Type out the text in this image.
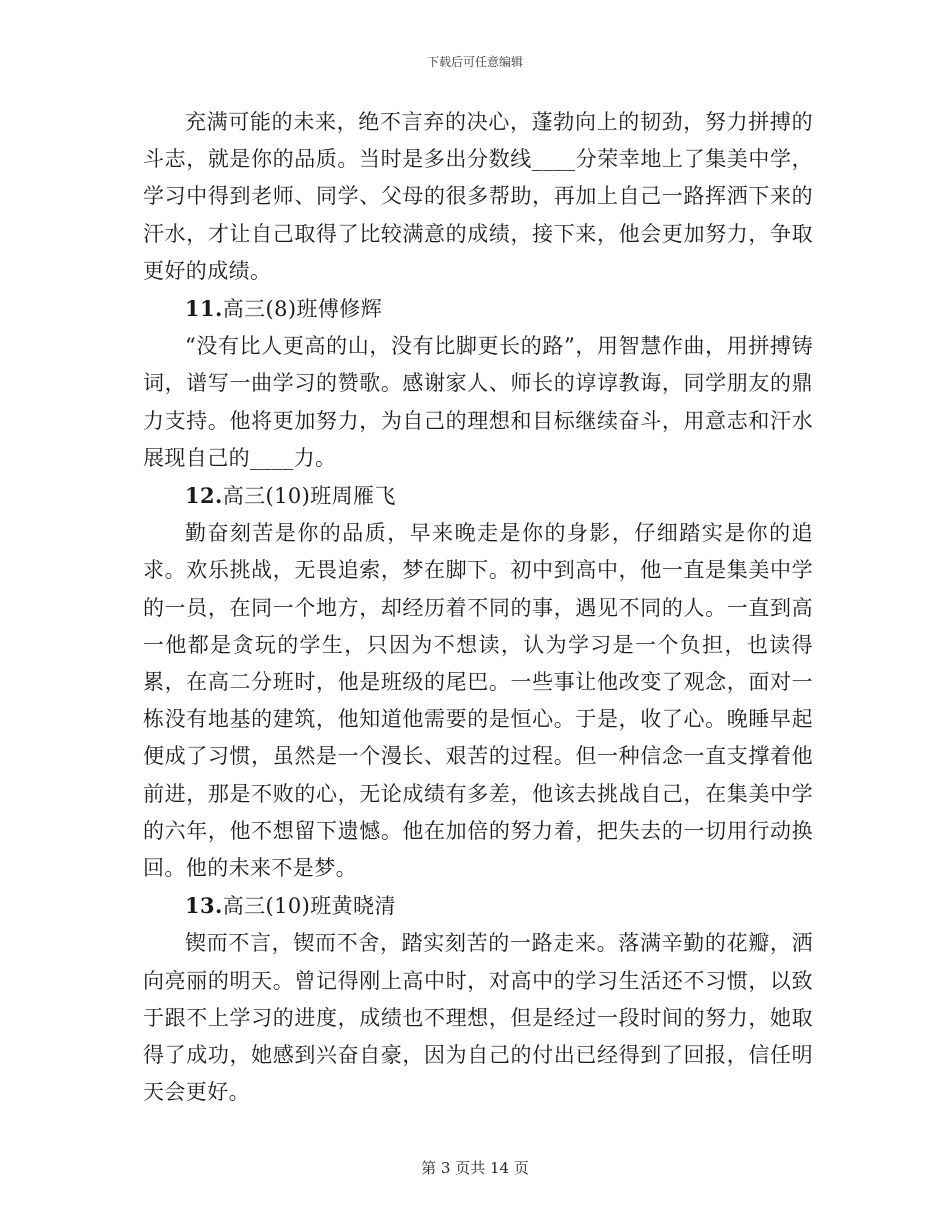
下载后可任意编辑

充满可能的未来，绝不言弃的决心，蓬勃向上的韧劲，努力拼搏的斗志，就是你的品质。当时是多出分数线____分荣幸地上了集美中学，学习中得到老师、同学、父母的很多帮助，再加上自己一路挥洒下来的汗水，才让自己取得了比较满意的成绩，接下来，他会更加努力，争取更好的成绩。

11.高三(8)班傅修辉

“没有比人更高的山，没有比脚更长的路”，用智慧作曲，用拼搏铸词，谱写一曲学习的赞歌。感谢家人、师长的谆谆教诲，同学朋友的鼎力支持。他将更加努力，为自己的理想和目标继续奋斗，用意志和汗水展现自己的____力。

12.高三(10)班周雁飞

勤奋刻苦是你的品质，早来晚走是你的身影，仔细踏实是你的追求。欢乐挑战，无畏追索，梦在脚下。初中到高中，他一直是集美中学的一员，在同一个地方，却经历着不同的事，遇见不同的人。一直到高一他都是贪玩的学生，只因为不想读，认为学习是一个负担，也读得累，在高二分班时，他是班级的尾巴。一些事让他改变了观念，面对一栋没有地基的建筑，他知道他需要的是恒心。于是，收了心。晚睡早起便成了习惯，虽然是一个漫长、艰苦的过程。但一种信念一直支撑着他前进，那是不败的心，无论成绩有多差，他该去挑战自己，在集美中学的六年，他不想留下遗憾。他在加倍的努力着，把失去的一切用行动换回。他的未来不是梦。

13.高三(10)班黄晓清

锲而不言，锲而不舍，踏实刻苦的一路走来。落满辛勤的花瓣，洒向亮丽的明天。曾记得刚上高中时，对高中的学习生活还不习惯，以致于跟不上学习的进度，成绩也不理想，但是经过一段时间的努力，她取得了成功，她感到兴奋自豪，因为自己的付出已经得到了回报，信任明天会更好。

第 3 页共 14 页
